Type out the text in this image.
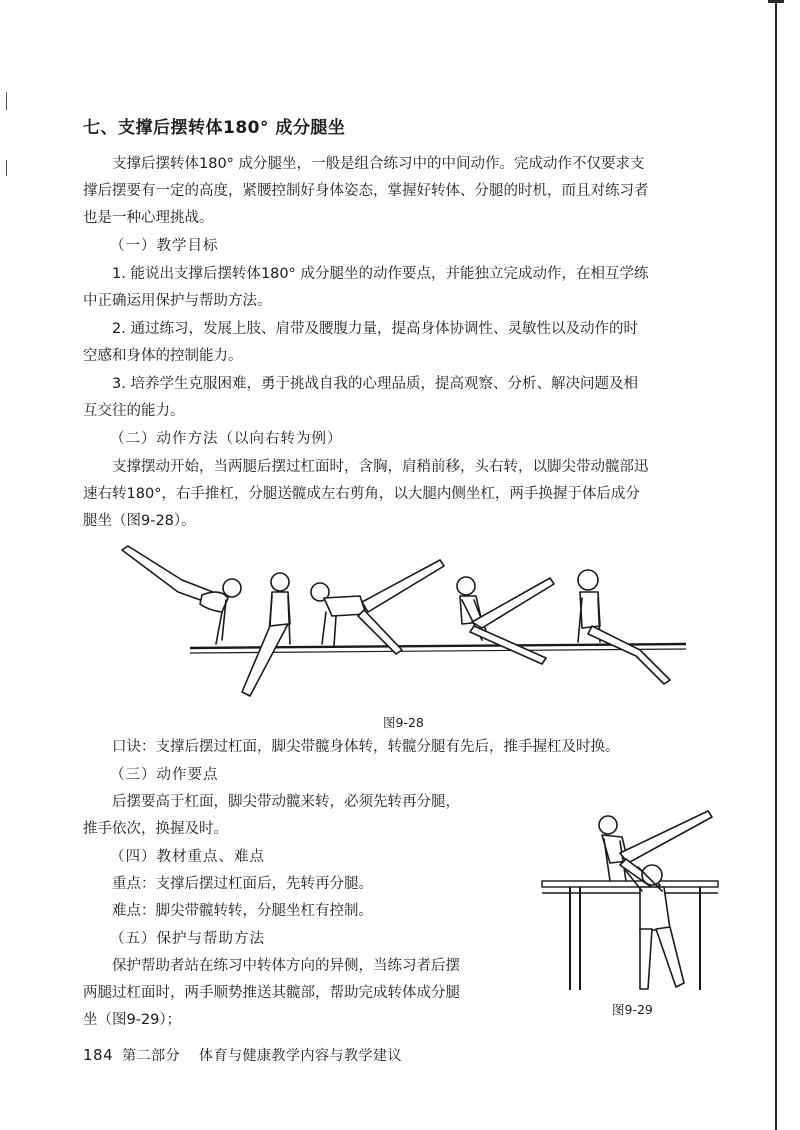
七、支撑后摆转体180° 成分腿坐
支撑后摆转体180° 成分腿坐，一般是组合练习中的中间动作。完成动作不仅要求支
撑后摆要有一定的高度，紧腰控制好身体姿态，掌握好转体、分腿的时机，而且对练习者
也是一种心理挑战。
（一）教学目标
1. 能说出支撑后摆转体180° 成分腿坐的动作要点，并能独立完成动作，在相互学练
中正确运用保护与帮助方法。
2. 通过练习，发展上肢、肩带及腰腹力量，提高身体协调性、灵敏性以及动作的时
空感和身体的控制能力。
3. 培养学生克服困难，勇于挑战自我的心理品质，提高观察、分析、解决问题及相
互交往的能力。
（二）动作方法（以向右转为例）
支撑摆动开始，当两腿后摆过杠面时，含胸，肩稍前移，头右转，以脚尖带动髋部迅
速右转180°，右手推杠，分腿送髋成左右剪角，以大腿内侧坐杠，两手换握于体后成分
腿坐（图9-28）。
图9-28
口诀：支撑后摆过杠面，脚尖带髋身体转，转髋分腿有先后，推手握杠及时换。
（三）动作要点
后摆要高于杠面，脚尖带动髋来转，必须先转再分腿，
推手依次，换握及时。
（四）教材重点、难点
重点：支撑后摆过杠面后，先转再分腿。
难点：脚尖带髋转转，分腿坐杠有控制。
（五）保护与帮助方法
保护帮助者站在练习中转体方向的异侧，当练习者后摆
两腿过杠面时，两手顺势推送其髋部，帮助完成转体成分腿
坐（图9-29）；
图9-29
184 第二部分 体育与健康教学内容与教学建议
